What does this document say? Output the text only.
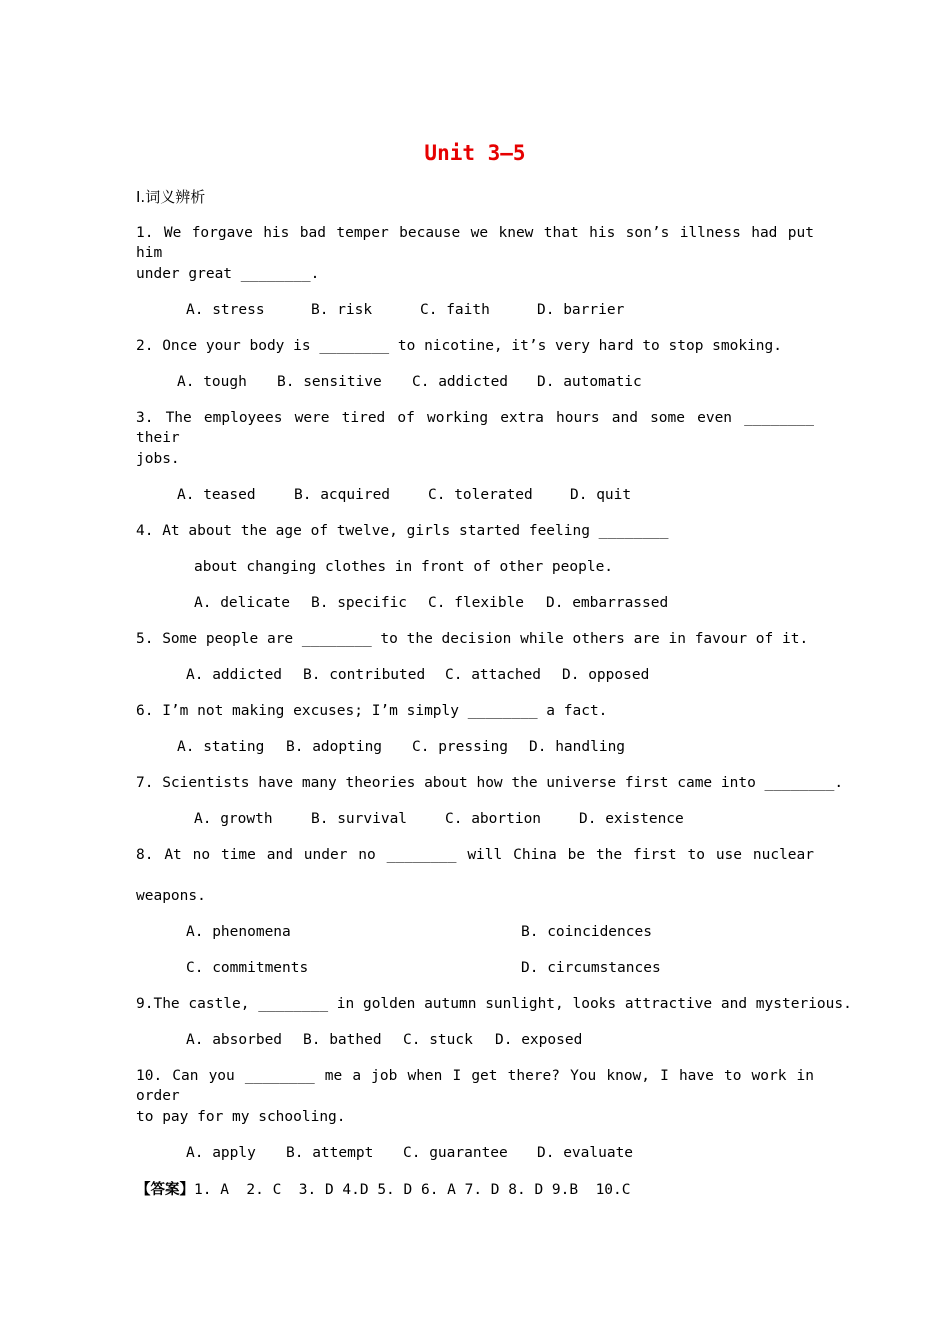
Unit 3—5
Ⅰ.词义辨析
1. We forgave his bad temper because we knew that his son’s illness had put him
under great ________.
A. stress	B. risk	C. faith	D. barrier
2. Once your body is ________ to nicotine, it’s very hard to stop smoking.
A. tough B. sensitive C. addicted D. automatic
3. The employees were tired of working extra hours and some even ________ their
jobs.
A. teased	B. acquired	C. tolerated	D. quit
4. At about the age of twelve, girls started feeling ________
about changing clothes in front of other people.
A. delicate B. specific C. flexible D. embarrassed
5. Some people are ________ to the decision while others are in favour of it.
A. addicted B. contributed C. attached D. opposed
6. I’m not making excuses; I’m simply ________ a fact.
A. stating B. adopting C. pressing D. handling
7. Scientists have many theories about how the universe first came into ________.
A. growth	B. survival	C. abortion	D. existence
8. At no time and under no ________ will China be the first to use nuclear
weapons.
A. phenomena	B. coincidences
C. commitments	D. circumstances
9.The castle, ________ in golden autumn sunlight, looks attractive and mysterious.
A. absorbed B. bathed C. stuck D. exposed
10. Can you ________ me a job when I get there? You know, I have to work in order
to pay for my schooling.
A. apply B. attempt C. guarantee D. evaluate
【答案】1. A  2. C  3. D 4.D 5. D 6. A 7. D 8. D 9.B  10.C
